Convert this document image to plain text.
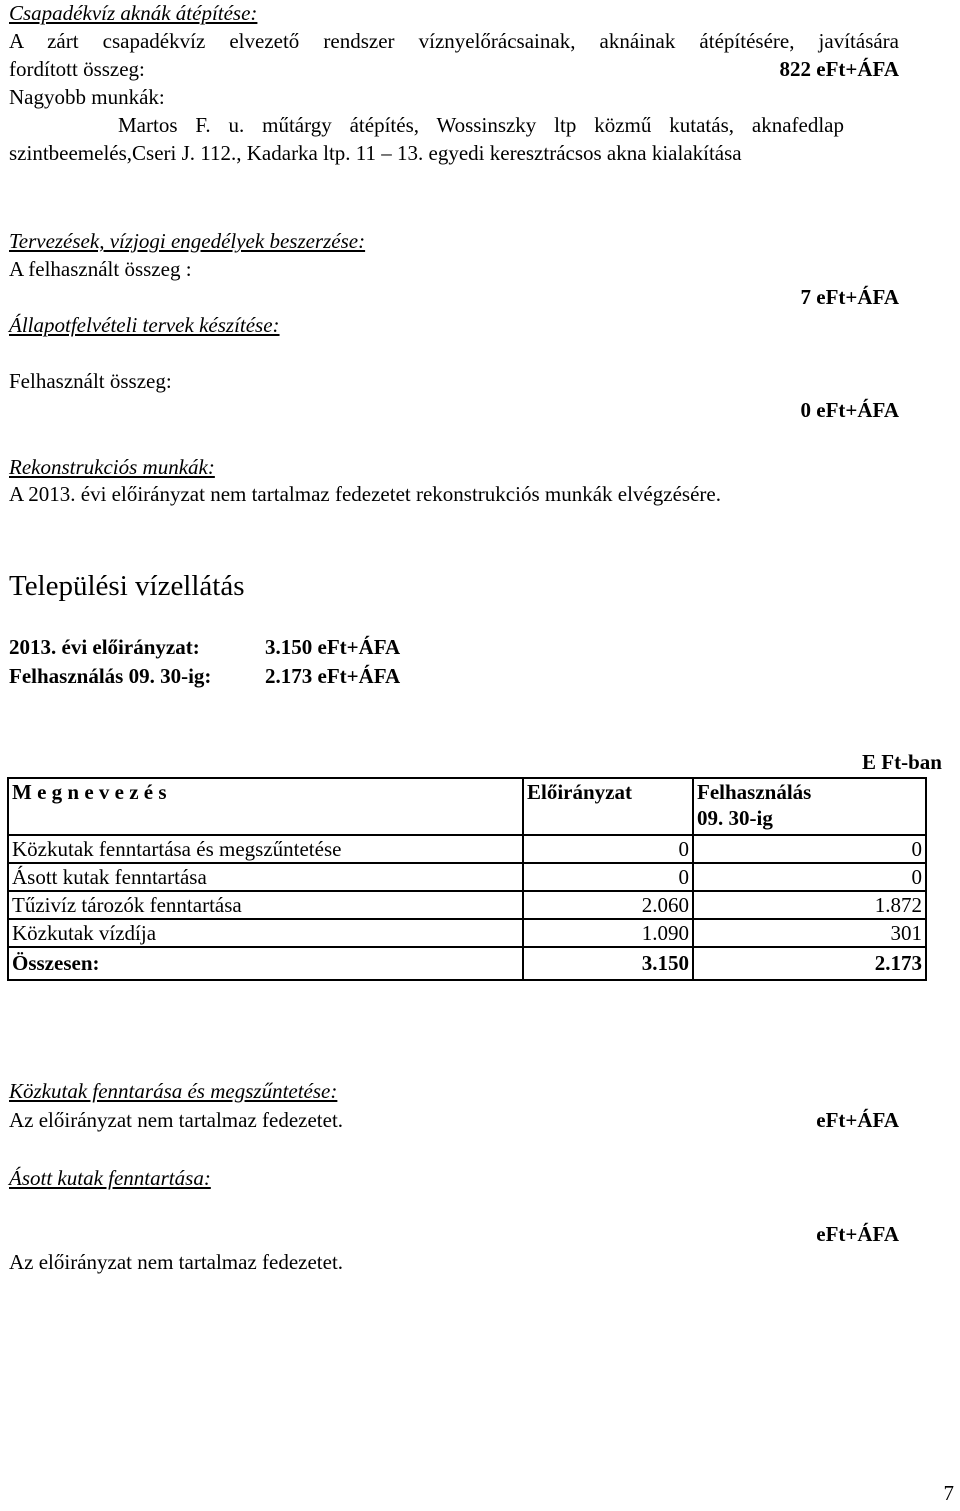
Csapadékvíz aknák átépítése:
A zárt csapadékvíz elvezető rendszer víznyelőrácsainak, aknáinak átépítésére, javítására
fordított összeg:	822 eFt+ÁFA
Nagyobb munkák:
Martos F. u. műtárgy átépítés, Wossinszky ltp közmű kutatás, aknafedlap
szintbeemelés,Cseri J. 112., Kadarka ltp. 11 – 13. egyedi keresztrácsos akna kialakítása
Tervezések, vízjogi engedélyek beszerzése:
A felhasznált összeg :
7 eFt+ÁFA
Állapotfelvételi tervek készítése:
Felhasznált összeg:
0 eFt+ÁFA
Rekonstrukciós munkák:
A 2013. évi előirányzat nem tartalmaz fedezetet rekonstrukciós munkák elvégzésére.
Települési vízellátás
2013. évi előirányzat:	3.150 eFt+ÁFA
Felhasználás 09. 30-ig:	2.173 eFt+ÁFA
E Ft-ban
M e g n e v e z é s	Előirányzat	Felhasználás
09. 30-ig

Közkutak fenntartása és megszűntetése	0	0
Ásott kutak fenntartása	0	0
Tűzivíz tározók fenntartása	2.060	1.872
Közkutak vízdíja	1.090	301
Összesen:	3.150	2.173
Közkutak fenntarása és megszűntetése:
Az előirányzat nem tartalmaz fedezetet.	eFt+ÁFA
Ásott kutak fenntartása:
eFt+ÁFA
Az előirányzat nem tartalmaz fedezetet.
7
